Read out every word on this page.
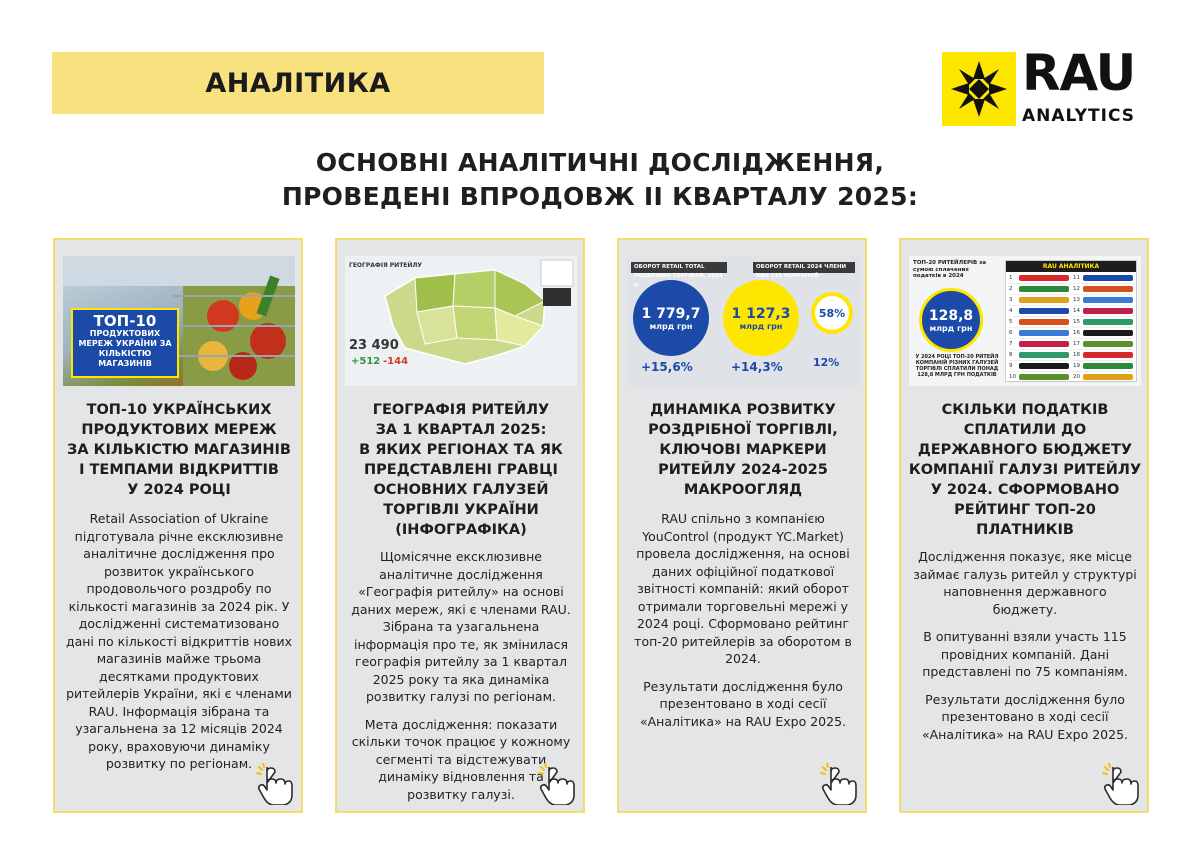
АНАЛІТИКА	RAU
ANALYTICS
ОСНОВНІ АНАЛІТИЧНІ ДОСЛІДЖЕННЯ,
ПРОВЕДЕНІ ВПРОДОВЖ ІІ КВАРТАЛУ 2025:
ТОП-10
ПРОДУКТОВИХ МЕРЕЖ УКРАЇНИ ЗА КІЛЬКІСТЮ МАГАЗИНІВ
ТОП-10 УКРАЇНСЬКИХ
ПРОДУКТОВИХ МЕРЕЖ
ЗА КІЛЬКІСТЮ МАГАЗИНІВ
І ТЕМПАМИ ВІДКРИТТІВ
У 2024 РОЦІ

Retail Association of Ukraine підготувала річне ексклюзивне аналітичне дослідження про розвиток українського продовольчого роздробу по кількості магазинів за 2024 рік. У дослідженні систематизовано дані по кількості відкриттів нових магазинів майже трьома десятками продуктових ритейлерів України, які є членами RAU. Інформація зібрана та узагальнена за 12 місяців 2024 року, враховуючи динаміку розвитку по регіонам.

ГЕОГРАФІЯ РИТЕЙЛУ
23 490
+512 -144
ГЕОГРАФІЯ РИТЕЙЛУ
ЗА 1 КВАРТАЛ 2025:
В ЯКИХ РЕГІОНАХ ТА ЯК
ПРЕДСТАВЛЕНІ ГРАВЦІ
ОСНОВНИХ ГАЛУЗЕЙ
ТОРГІВЛІ УКРАЇНИ
(ІНФОГРАФІКА)

Щомісячне ексклюзивне аналітичне дослідження «Географія ритейлу» на основі даних мереж, які є членами RAU. Зібрана та узагальнена інформація про те, як змінилася географія ритейлу за 1 квартал 2025 року та яка динаміка розвитку галузі по регіонам.

Мета дослідження: показати скільки точок працює у кожному сегменті та відстежувати динаміку відновлення та розвитку галузі.

ОБОРОТ RETAIL TOTAL РОЗДРІБНА ТОРГІВЛЯ, 2024 р.
ОБОРОТ RETAIL 2024 ЧЛЕНИ RAU 115 КОМПАНІЙ
1 779,7
млрд грн
1 127,3
млрд грн
58%
+15,6%	+14,3%	12%
ДИНАМІКА РОЗВИТКУ
РОЗДРІБНОЇ ТОРГІВЛІ,
КЛЮЧОВІ МАРКЕРИ
РИТЕЙЛУ 2024-2025
МАКРООГЛЯД

RAU спільно з компанією YouControl (продукт YC.Market) провела дослідження, на основі даних офіційної податкової звітності компаній: який оборот отримали торговельні мережі у 2024 році. Сформовано рейтинг топ-20 ритейлерів за оборотом в 2024.

Результати дослідження було презентовано в ході сесії «Аналітика» на RAU Expo 2025.

ТОП-20 РИТЕЙЛЕРІВ за сумою сплачених податків в 2024
128,8
млрд грн
У 2024 РОЦІ ТОП-20 РИТЕЙЛ КОМПАНІЙ РІЗНИХ ГАЛУЗЕЙ ТОРГІВЛІ СПЛАТИЛИ ПОНАД 128,8 МЛРД ГРН ПОДАТКІВ
RAU АНАЛІТИКА
1	11
2	12
3	13
4	14
5	15
6	16
7	17
8	18
9	19
10	20
СКІЛЬКИ ПОДАТКІВ
СПЛАТИЛИ ДО
ДЕРЖАВНОГО БЮДЖЕТУ
КОМПАНІЇ ГАЛУЗІ РИТЕЙЛУ
У 2024. СФОРМОВАНО
РЕЙТИНГ ТОП-20
ПЛАТНИКІВ

Дослідження показує, яке місце займає галузь ритейл у структурі наповнення державного бюджету.

В опитуванні взяли участь 115 провідних компаній. Дані представлені по 75 компаніям.

Результати дослідження було презентовано в ході сесії «Аналітика» на RAU Expo 2025.
